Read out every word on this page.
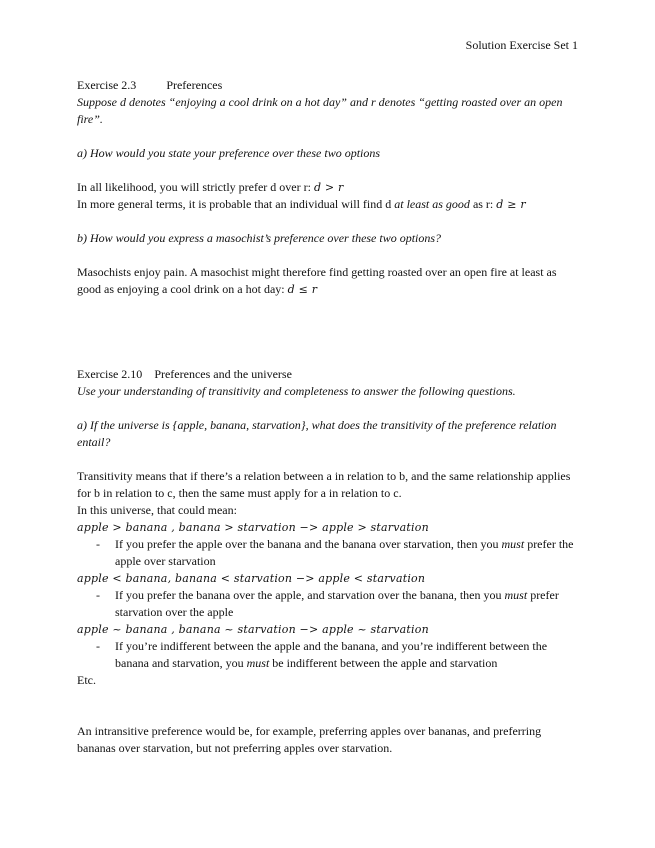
Solution Exercise Set 1

Exercise 2.3	Preferences

Suppose d denotes “enjoying a cool drink on a hot day” and r denotes “getting roasted over an open fire”.

a) How would you state your preference over these two options

In all likelihood, you will strictly prefer d over r: d > r

In more general terms, it is probable that an individual will find d at least as good as r: d ≥ r

b) How would you express a masochist’s preference over these two options?

Masochists enjoy pain. A masochist might therefore find getting roasted over an open fire at least as good as enjoying a cool drink on a hot day: d ≤ r

Exercise 2.10 Preferences and the universe

Use your understanding of transitivity and completeness to answer the following questions.

a) If the universe is {apple, banana, starvation}, what does the transitivity of the preference relation entail?

Transitivity means that if there’s a relation between a in relation to b, and the same relationship applies for b in relation to c, then the same must apply for a in relation to c.

In this universe, that could mean:

apple > banana , banana > starvation −> apple > starvation

- If you prefer the apple over the banana and the banana over starvation, then you must prefer the apple over starvation

apple < banana, banana < starvation −> apple < starvation

- If you prefer the banana over the apple, and starvation over the banana, then you must prefer starvation over the apple

apple ~ banana , banana ~ starvation −> apple ~ starvation

- If you’re indifferent between the apple and the banana, and you’re indifferent between the banana and starvation, you must be indifferent between the apple and starvation

Etc.

An intransitive preference would be, for example, preferring apples over bananas, and preferring bananas over starvation, but not preferring apples over starvation.
